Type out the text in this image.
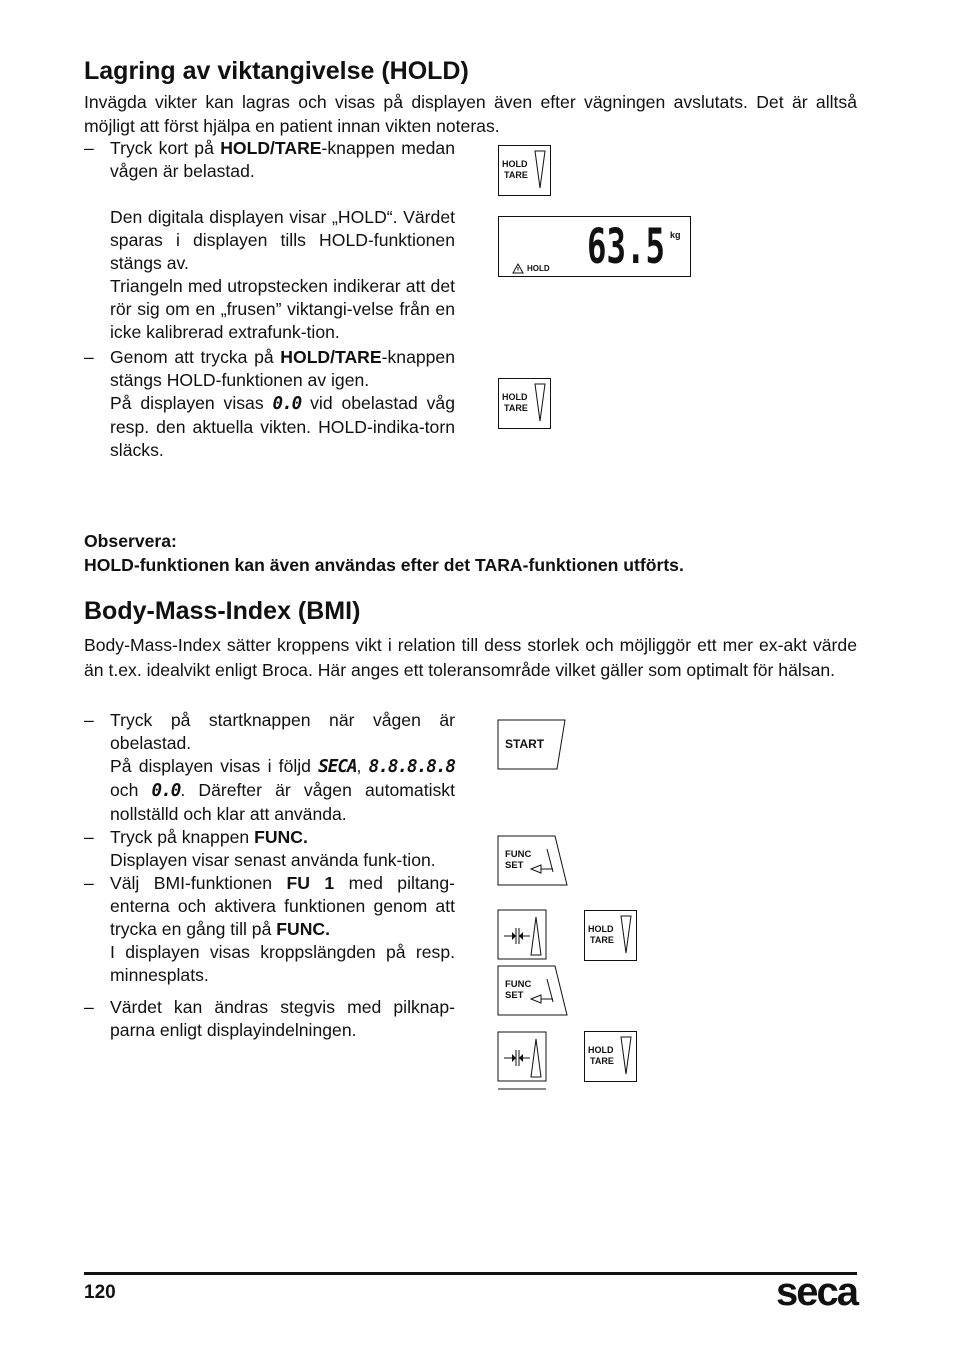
Lagring av viktangivelse (HOLD)

Invägda vikter kan lagras och visas på displayen även efter vägningen avslutats. Det är alltså möjligt att först hjälpa en patient innan vikten noteras.

– Tryck kort på HOLD/TARE-knappen medan vågen är belastad.

Den digitala displayen visar „HOLD“. Värdet sparas i displayen tills HOLD-funktionen stängs av.

Triangeln med utropstecken indikerar att det rör sig om en „frusen” viktangi-velse från en icke kalibrerad extrafunk-tion.

– Genom att trycka på HOLD/TARE-knappen stängs HOLD-funktionen av igen.

På displayen visas 0.0 vid obelastad våg resp. den aktuella vikten. HOLD-indika-torn släcks.

HOLD
TARE
63.5 kg
HOLD
HOLD
TARE

Observera:

HOLD-funktionen kan även användas efter det TARA-funktionen utförts.

Body-Mass-Index (BMI)

Body-Mass-Index sätter kroppens vikt i relation till dess storlek och möjliggör ett mer ex-akt värde än t.ex. idealvikt enligt Broca. Här anges ett toleransområde vilket gäller som optimalt för hälsan.

– Tryck på startknappen när vågen är obelastad.

På displayen visas i följd SECA, 8.8.8.8.8 och 0.0. Därefter är vågen automatiskt nollställd och klar att använda.

– Tryck på knappen FUNC.

Displayen visar senast använda funk-tion.

– Välj BMI-funktionen FU 1 med piltang-enterna och aktivera funktionen genom att trycka en gång till på FUNC.

I displayen visas kroppslängden på resp. minnesplats.

– Värdet kan ändras stegvis med pilknap-parna enligt displayindelningen.

START
FUNC
SET
HOLD
TARE
FUNC
SET
HOLD
TARE
120	seca
